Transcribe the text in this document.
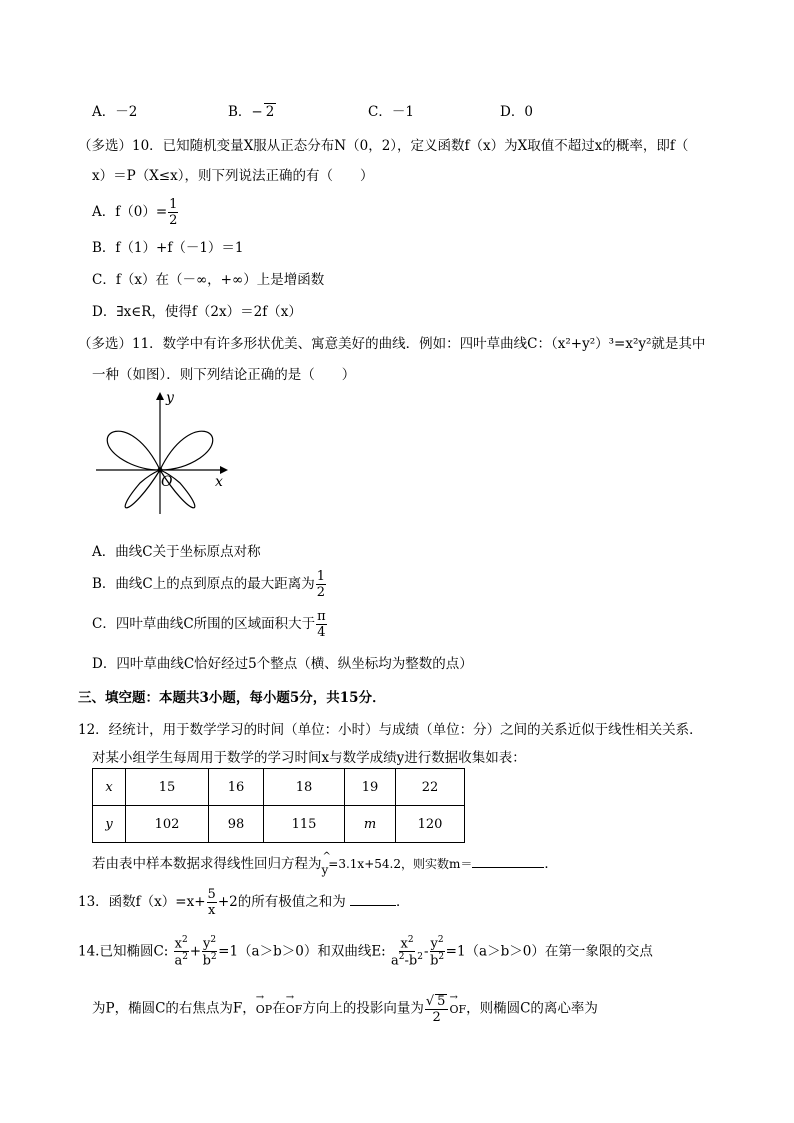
A．－2	B．− 2	C．－1	D．0
（多选）10．已知随机变量X服从正态分布N（0，2），定义函数f（x）为X取值不超过x的概率，即f（
x）＝P（X≤x），则下列说法正确的有（　　）
A．$f(0)= \frac{1}{2}$
B．f（1）+f（－1）＝1
C．f（x）在（－∞，+∞）上是增函数
D．∃x∈R，使得f（2x）＝2f（x）
（多选）11．数学中有许多形状优美、寓意美好的曲线．例如：四叶草曲线C：（x²+y²）³=x²y²就是其中
一种（如图）．则下列结论正确的是（　　）
y
x
O
A．曲线C关于坐标原点对称
B．曲线C上的点到原点的最大距离为 $\frac{1}{2}$
C．四叶草曲线C所围的区域面积大于 $\frac{\pi}{4}$
D．四叶草曲线C恰好经过5个整点（横、纵坐标均为整数的点）
三、填空题：本题共3小题，每小题5分，共15分．
12．经统计，用于数学学习的时间（单位：小时）与成绩（单位：分）之间的关系近似于线性相关关系．
对某小组学生每周用于数学的学习时间x与数学成绩y进行数据收集如表：
x	15	16	18	19	22
y	102	98	115	m	120
若由表中样本数据求得线性回归方程为 ^
y=3.1x+54.2，则实数m＝	．
13．函数$f(x)=x+ \frac{5}{x} +2$的所有极值之和为	．
14.已知椭圆C: $\frac{x^2}{a^2} + \frac{y^2}{b^2} =1(a>b>0)$和双曲线E: $\frac{x^2}{a^2-b^2} - \frac{y^2}{b^2} =1(a>b>0)$在第一象限的交点
为P，椭圆C的右焦点为F，→ OP在→ OF方向上的投影向量为 $\frac{√ 5}{2}$ → OF，则椭圆C的离心率为
